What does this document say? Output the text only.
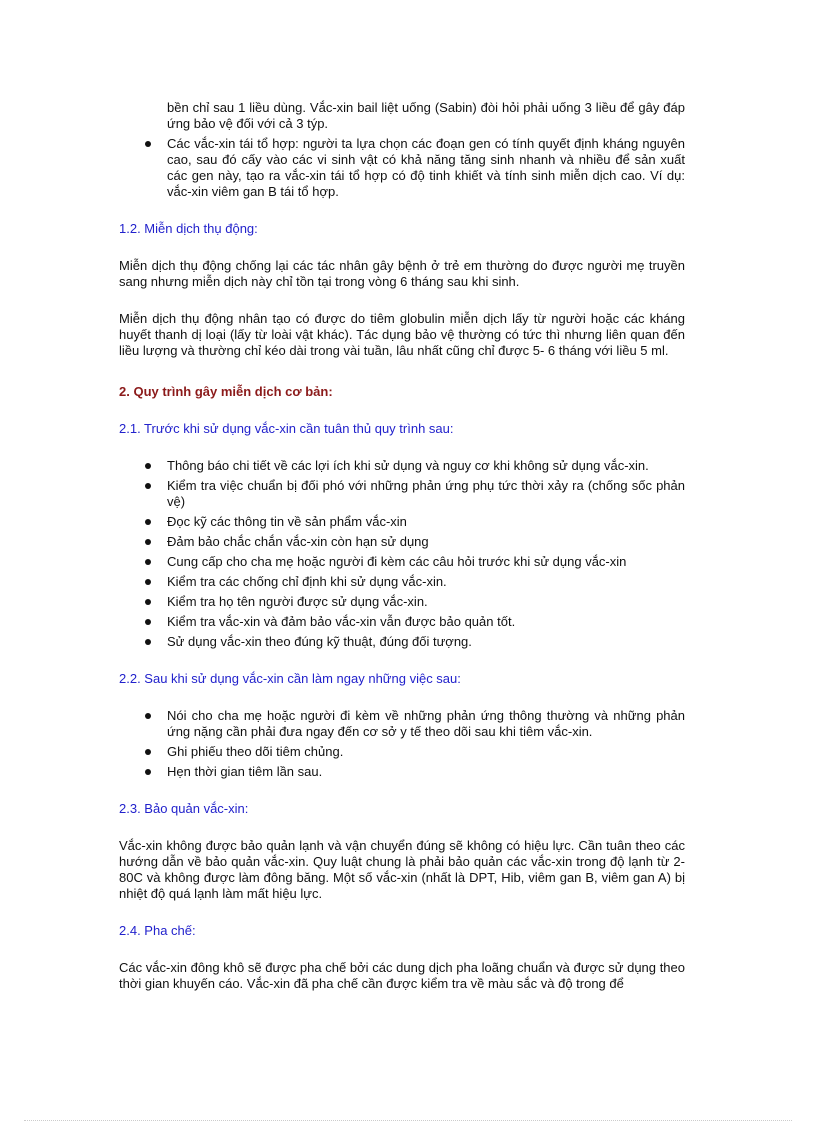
bền chỉ sau 1 liều dùng. Vắc-xin bail liệt uống (Sabin) đòi hỏi phải uống 3 liều để gây đáp ứng bảo vệ đối với cả 3 týp.

Các vắc-xin tái tổ hợp: người ta lựa chọn các đoạn gen có tính quyết định kháng nguyên cao, sau đó cấy vào các vi sinh vật có khả năng tăng sinh nhanh và nhiều để sản xuất các gen này, tạo ra vắc-xin tái tổ hợp có độ tinh khiết và tính sinh miễn dịch cao. Ví dụ: vắc-xin viêm gan B tái tổ hợp.

1.2. Miễn dịch thụ động:

Miễn dịch thụ động chống lại các tác nhân gây bệnh ở trẻ em thường do được người mẹ truyền sang nhưng miễn dịch này chỉ tồn tại trong vòng 6 tháng sau khi sinh.

Miễn dịch thụ động nhân tạo có được do tiêm globulin miễn dịch lấy từ người hoặc các kháng huyết thanh dị loại (lấy từ loài vật khác). Tác dụng bảo vệ thường có tức thì nhưng liên quan đến liều lượng và thường chỉ kéo dài trong vài tuần, lâu nhất cũng chỉ được 5- 6 tháng với liều 5 ml.

2. Quy trình gây miễn dịch cơ bản:

2.1. Trước khi sử dụng vắc-xin cần tuân thủ quy trình sau:

Thông báo chi tiết về các lợi ích khi sử dụng và nguy cơ khi không sử dụng vắc-xin.
Kiểm tra việc chuẩn bị đối phó với những phản ứng phụ tức thời xảy ra (chống sốc phản vệ)
Đọc kỹ các thông tin về sản phẩm vắc-xin
Đảm bảo chắc chắn vắc-xin còn hạn sử dụng
Cung cấp cho cha mẹ hoặc người đi kèm các câu hỏi trước khi sử dụng vắc-xin
Kiểm tra các chống chỉ định khi sử dụng vắc-xin.
Kiểm tra họ tên người được sử dụng vắc-xin.
Kiểm tra vắc-xin và đảm bảo vắc-xin vẫn được bảo quản tốt.
Sử dụng vắc-xin theo đúng kỹ thuật, đúng đối tượng.

2.2. Sau khi sử dụng vắc-xin cần làm ngay những việc sau:

Nói cho cha mẹ hoặc người đi kèm về những phản ứng thông thường và những phản ứng nặng cần phải đưa ngay đến cơ sở y tế theo dõi sau khi tiêm vắc-xin.
Ghi phiếu theo dõi tiêm chủng.
Hẹn thời gian tiêm lần sau.

2.3. Bảo quản vắc-xin:

Vắc-xin không được bảo quản lạnh và vận chuyển đúng sẽ không có hiệu lực. Cần tuân theo các hướng dẫn về bảo quản vắc-xin. Quy luật chung là phải bảo quản các vắc-xin trong độ lạnh từ 2- 80C và không được làm đông băng. Một số vắc-xin (nhất là DPT, Hib, viêm gan B, viêm gan A) bị nhiệt độ quá lạnh làm mất hiệu lực.

2.4. Pha chế:

Các vắc-xin đông khô sẽ được pha chế bởi các dung dịch pha loãng chuẩn và được sử dụng theo thời gian khuyến cáo. Vắc-xin đã pha chế cần được kiểm tra về màu sắc và độ trong để
